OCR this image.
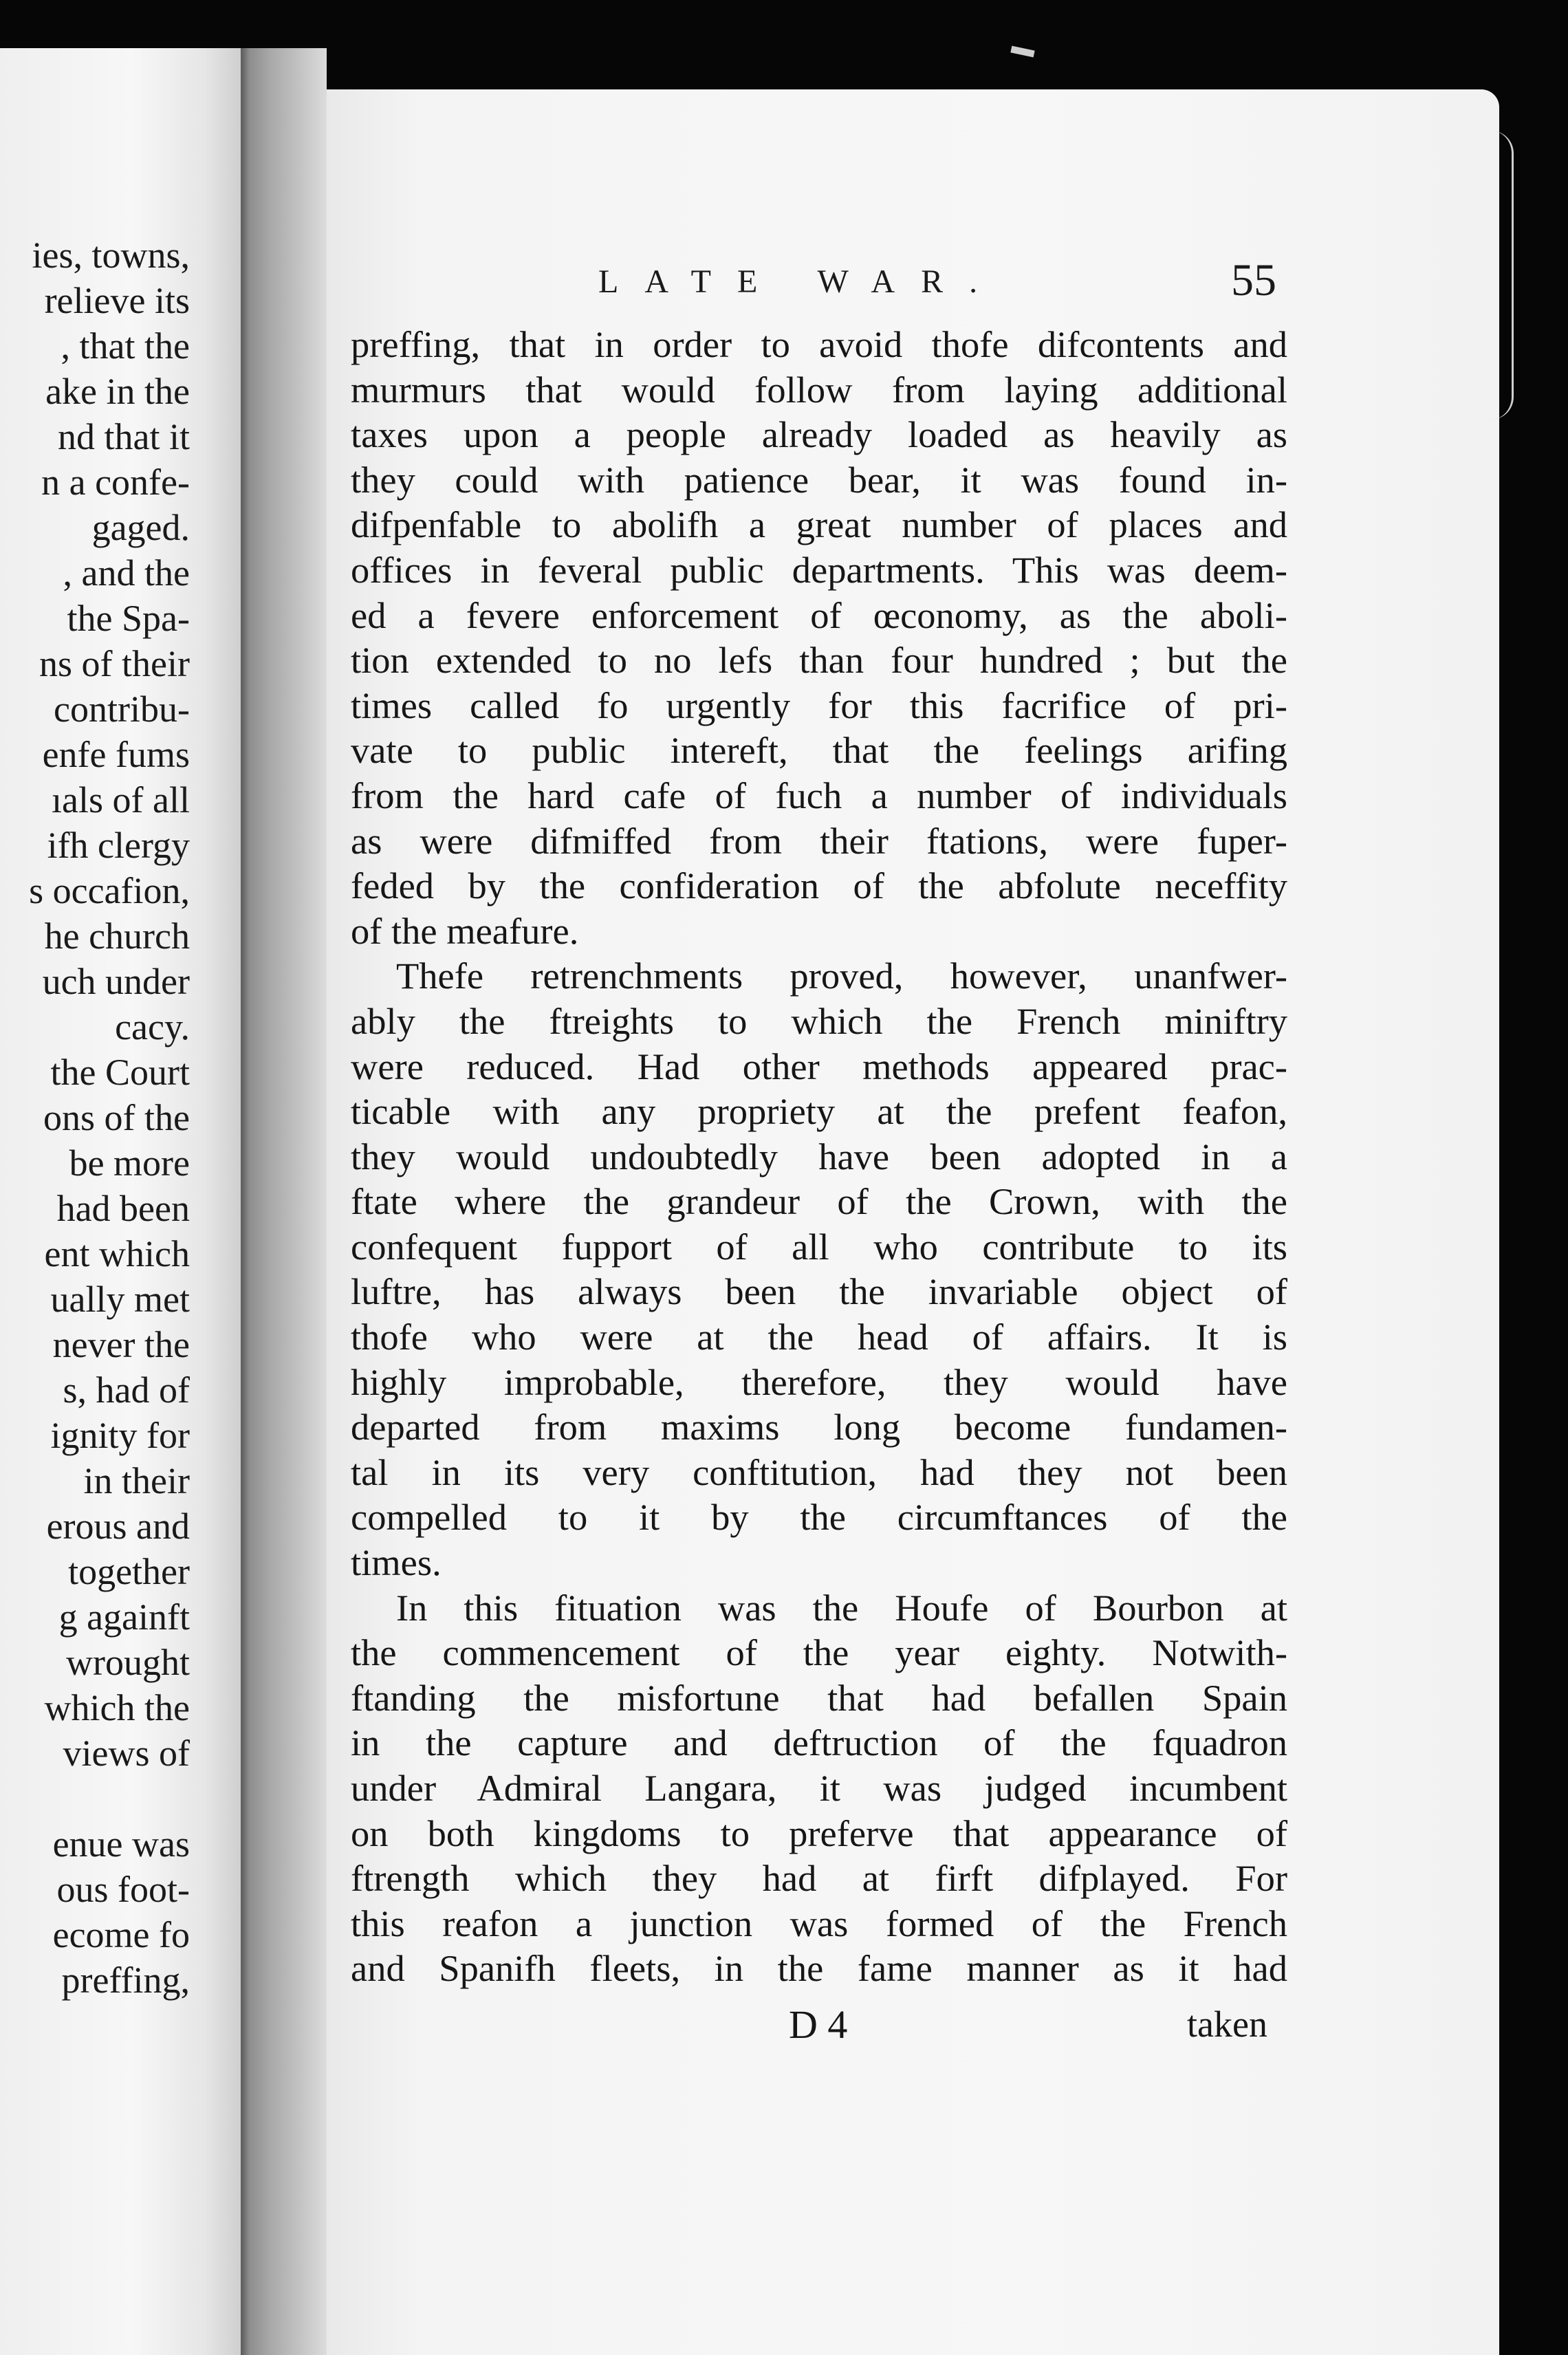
ies, towns,

relieve its

, that the

ake in the

nd that it

n a confe-

gaged.

, and the

the Spa-

ns of their

contribu-

enfe fums

ıals of all

ifh clergy

s occafion,

he church

uch under

cacy.

the Court

ons of the

be more

had been

ent which

ually met

never the

s, had of

ignity for

in their

erous and

together

g againft

wrought

which the

views of

enue was

ous foot-

ecome fo

preffing,

LATE WAR.	55

preffing, that in order to avoid thofe difcontents and

murmurs that would follow from laying additional

taxes upon a people already loaded as heavily as

they could with patience bear, it was found in-

difpenfable to abolifh a great number of places and

offices in feveral public departments. This was deem-

ed a fevere enforcement of œconomy, as the aboli-

tion extended to no lefs than four hundred ; but the

times called fo urgently for this facrifice of pri-

vate to public intereft, that the feelings arifing

from the hard cafe of fuch a number of individuals

as were difmiffed from their ftations, were fuper-

feded by the confideration of the abfolute neceffity

of the meafure.

Thefe retrenchments proved, however, unanfwer-

ably the ftreights to which the French miniftry

were reduced. Had other methods appeared prac-

ticable with any propriety at the prefent feafon,

they would undoubtedly have been adopted in a

ftate where the grandeur of the Crown, with the

confequent fupport of all who contribute to its

luftre, has always been the invariable object of

thofe who were at the head of affairs. It is

highly improbable, therefore, they would have

departed from maxims long become fundamen-

tal in its very conftitution, had they not been

compelled to it by the circumftances of the

times.

In this fituation was the Houfe of Bourbon at

the commencement of the year eighty. Notwith-

ftanding the misfortune that had befallen Spain

in the capture and deftruction of the fquadron

under Admiral Langara, it was judged incumbent

on both kingdoms to preferve that appearance of

ftrength which they had at firft difplayed. For

this reafon a junction was formed of the French

and Spanifh fleets, in the fame manner as it had

D 4	taken
